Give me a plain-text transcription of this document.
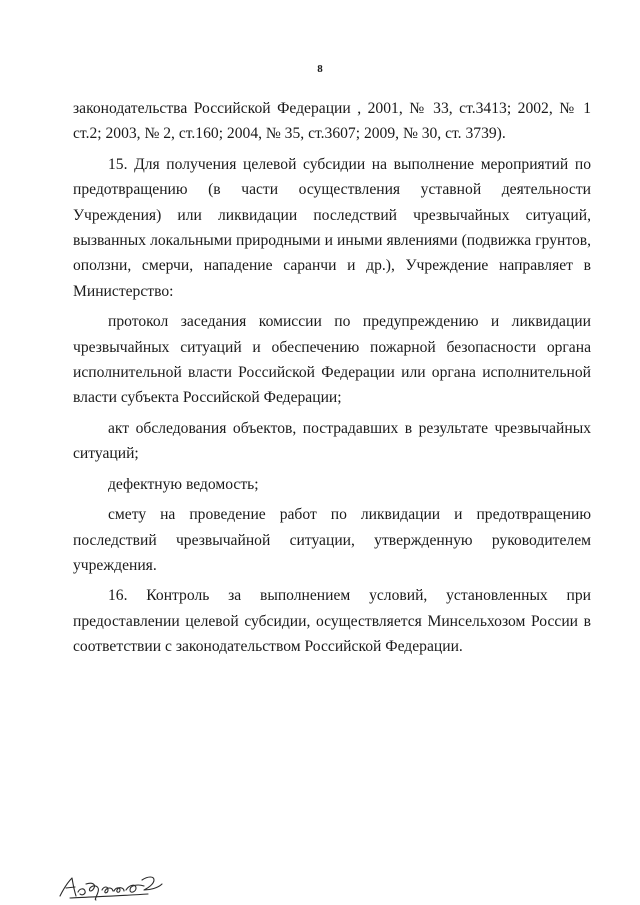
8

законодательства Российской Федерации , 2001, № 33, ст.3413; 2002, № 1 ст.2; 2003, № 2, ст.160; 2004, № 35, ст.3607; 2009, № 30, ст. 3739).

15. Для получения целевой субсидии на выполнение мероприятий по предотвращению (в части осуществления уставной деятельности Учреждения) или ликвидации последствий чрезвычайных ситуаций, вызванных локальными природными и иными явлениями (подвижка грунтов, оползни, смерчи, нападение саранчи и др.), Учреждение направляет в Министерство:

протокол заседания комиссии по предупреждению и ликвидации чрезвычайных ситуаций и обеспечению пожарной безопасности органа исполнительной власти Российской Федерации или органа исполнительной власти субъекта Российской Федерации;

акт обследования объектов, пострадавших в результате чрезвычайных ситуаций;

дефектную ведомость;

смету на проведение работ по ликвидации и предотвращению последствий чрезвычайной ситуации, утвержденную руководителем учреждения.

16. Контроль за выполнением условий, установленных при предоставлении целевой субсидии, осуществляется Минсельхозом России в соответствии с законодательством Российской Федерации.
